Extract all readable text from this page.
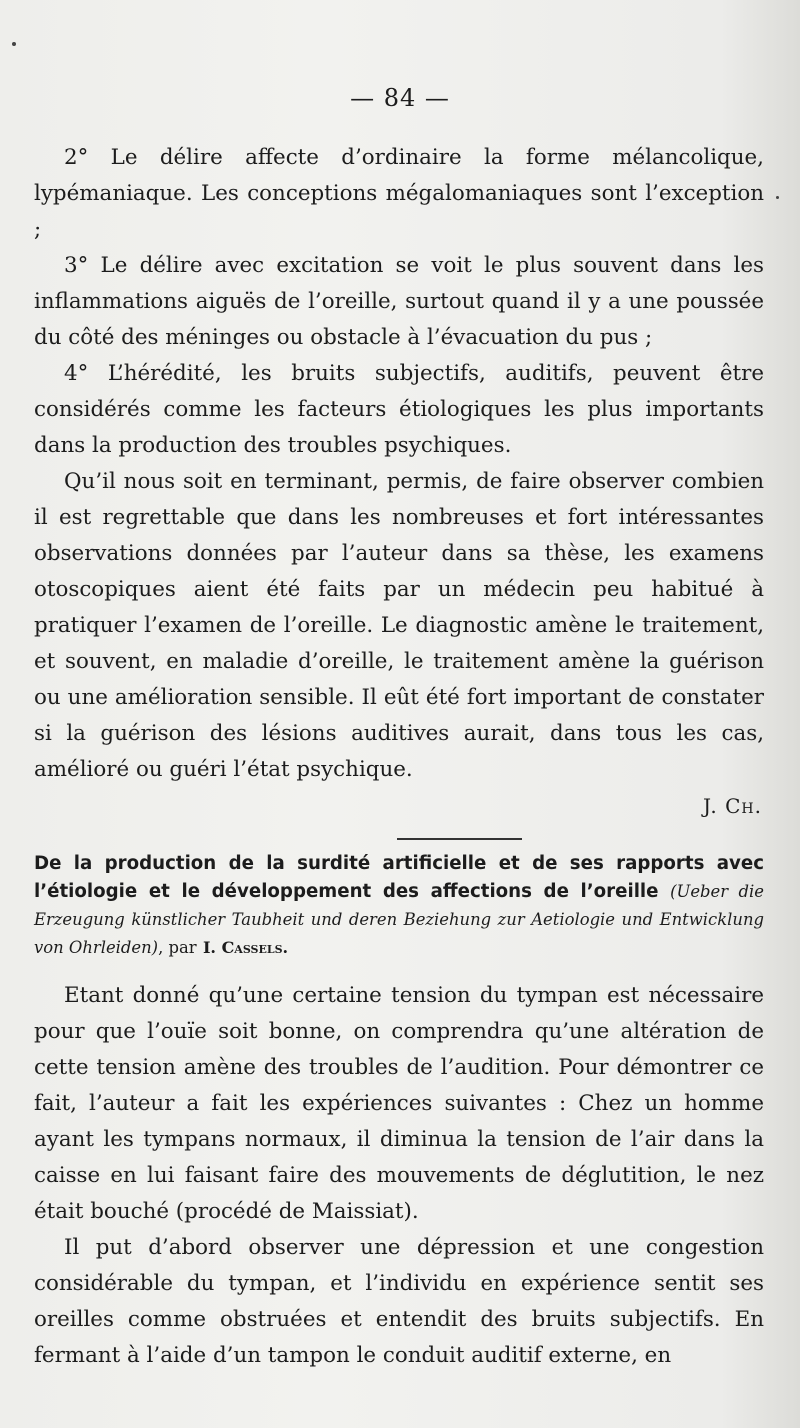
— 84 —

2° Le délire affecte d’ordinaire la forme mélancolique, lypémaniaque. Les conceptions mégalomaniaques sont l’exception ;

3° Le délire avec excitation se voit le plus souvent dans les inflammations aiguës de l’oreille, surtout quand il y a une poussée du côté des méninges ou obstacle à l’évacuation du pus ;

4° L’hérédité, les bruits subjectifs, auditifs, peuvent être considérés comme les facteurs étiologiques les plus importants dans la production des troubles psychiques.

Qu’il nous soit en terminant, permis, de faire observer combien il est regrettable que dans les nombreuses et fort intéressantes observations données par l’auteur dans sa thèse, les examens otoscopiques aient été faits par un médecin peu habitué à pratiquer l’examen de l’oreille. Le diagnostic amène le traitement, et souvent, en maladie d’oreille, le traitement amène la guérison ou une amélioration sensible. Il eût été fort important de constater si la guérison des lésions auditives aurait, dans tous les cas, amélioré ou guéri l’état psychique.

J. Ch.

De la production de la surdité artificielle et de ses rapports avec l’étiologie et le développement des affections de l’oreille (Ueber die Erzeugung künstlicher Taubheit und deren Beziehung zur Aetiologie und Entwicklung von Ohrleiden), par I. Cassels.

Etant donné qu’une certaine tension du tympan est nécessaire pour que l’ouïe soit bonne, on comprendra qu’une altération de cette tension amène des troubles de l’audition. Pour démontrer ce fait, l’auteur a fait les expériences suivantes : Chez un homme ayant les tympans normaux, il diminua la tension de l’air dans la caisse en lui faisant faire des mouvements de déglutition, le nez était bouché (procédé de Maissiat).

Il put d’abord observer une dépression et une congestion considérable du tympan, et l’individu en expérience sentit ses oreilles comme obstruées et entendit des bruits subjectifs. En fermant à l’aide d’un tampon le conduit auditif externe, en
